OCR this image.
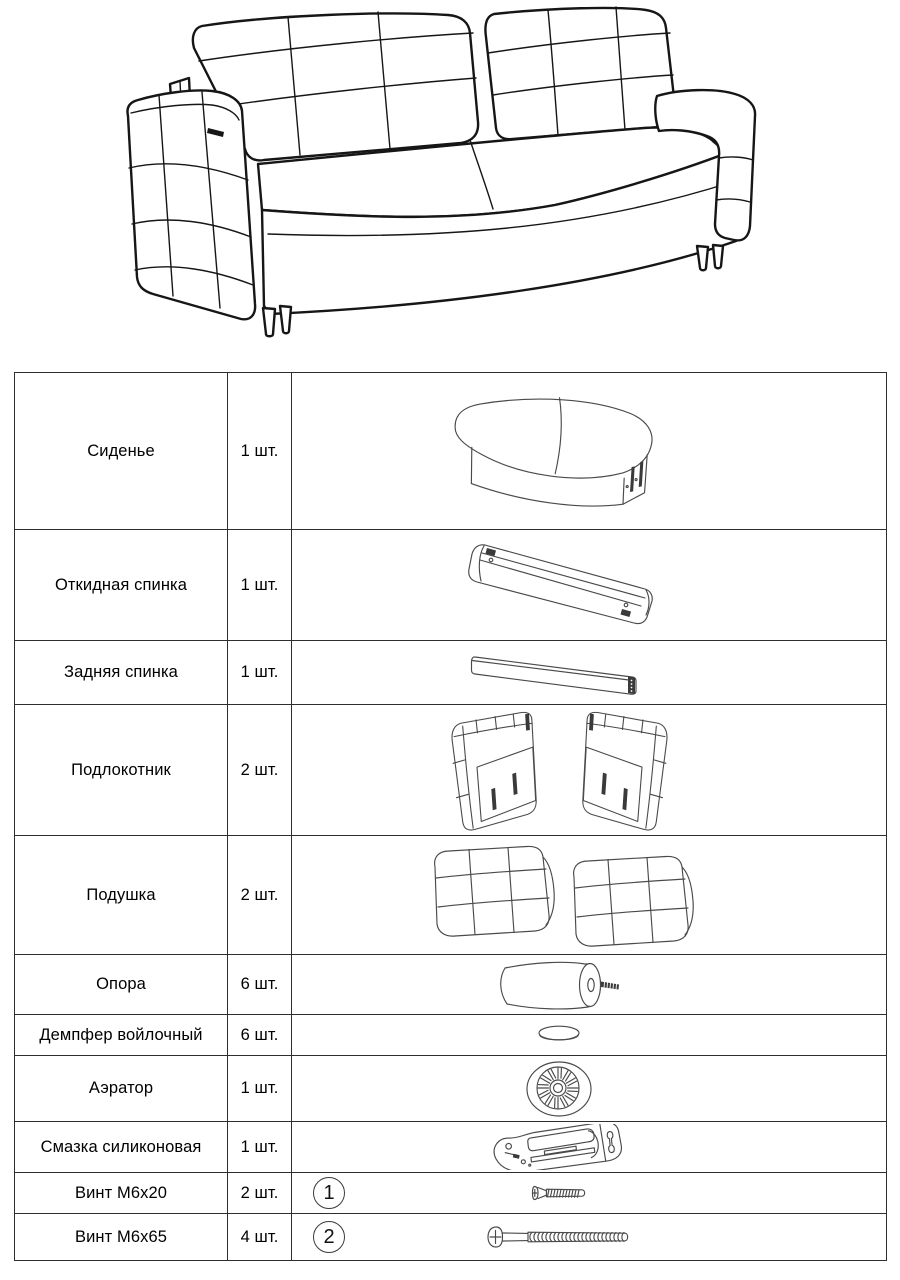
Сиденье	1 шт.	

Откидная спинка	1 шт.	

Задняя спинка	1 шт.	

Подлокотник	2 шт.	

Подушка	2 шт.	

Опора	6 шт.	

Демпфер войлочный	6 шт.	

Аэратор	1 шт.	

Смазка силиконовая	1 шт.	

Винт М6х20	2 шт.	1

Винт М6х65	4 шт.	2
